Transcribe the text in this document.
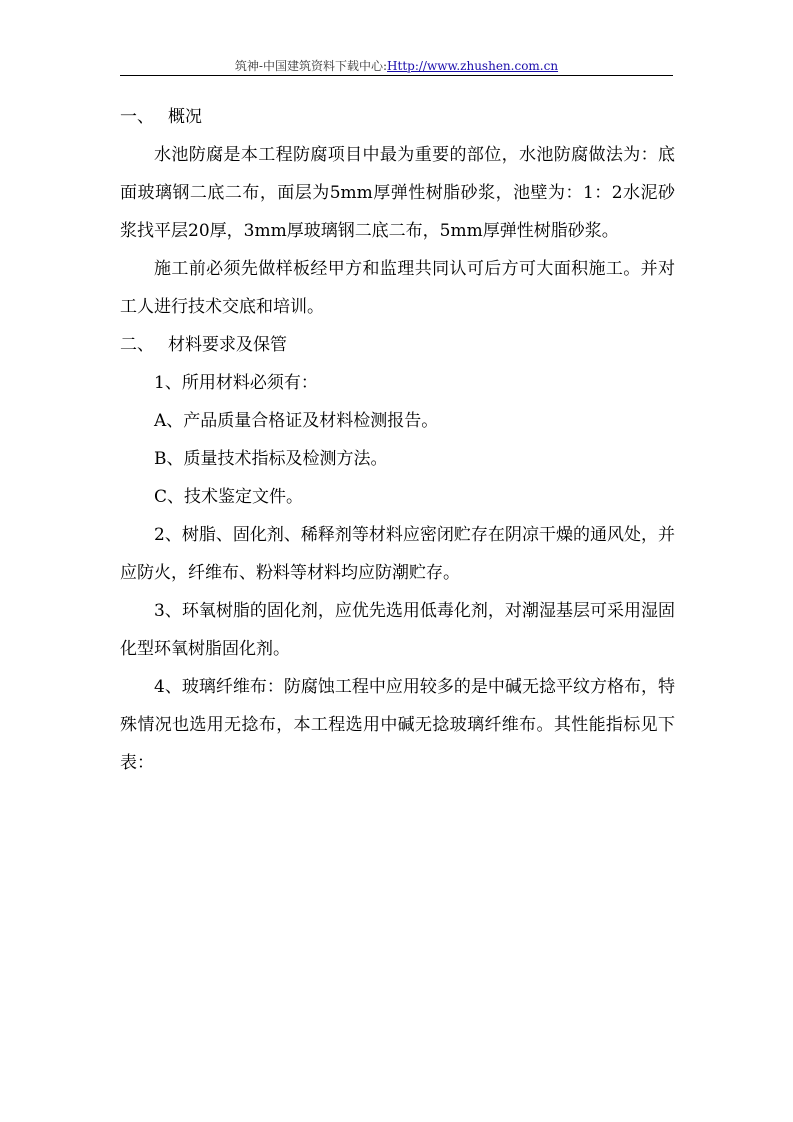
筑神-中国建筑资料下载中心:Http://www.zhushen.com.cn
一、 概况

水池防腐是本工程防腐项目中最为重要的部位，水池防腐做法为：底面玻璃钢二底二布，面层为5mm厚弹性树脂砂浆，池壁为：1：2水泥砂浆找平层20厚，3mm厚玻璃钢二底二布，5mm厚弹性树脂砂浆。

施工前必须先做样板经甲方和监理共同认可后方可大面积施工。并对工人进行技术交底和培训。

二、 材料要求及保管

1、所用材料必须有：

A、产品质量合格证及材料检测报告。

B、质量技术指标及检测方法。

C、技术鉴定文件。

2、树脂、固化剂、稀释剂等材料应密闭贮存在阴凉干燥的通风处，并应防火，纤维布、粉料等材料均应防潮贮存。

3、环氧树脂的固化剂，应优先选用低毒化剂，对潮湿基层可采用湿固化型环氧树脂固化剂。

4、玻璃纤维布：防腐蚀工程中应用较多的是中碱无捻平纹方格布，特殊情况也选用无捻布，本工程选用中碱无捻玻璃纤维布。其性能指标见下表：
